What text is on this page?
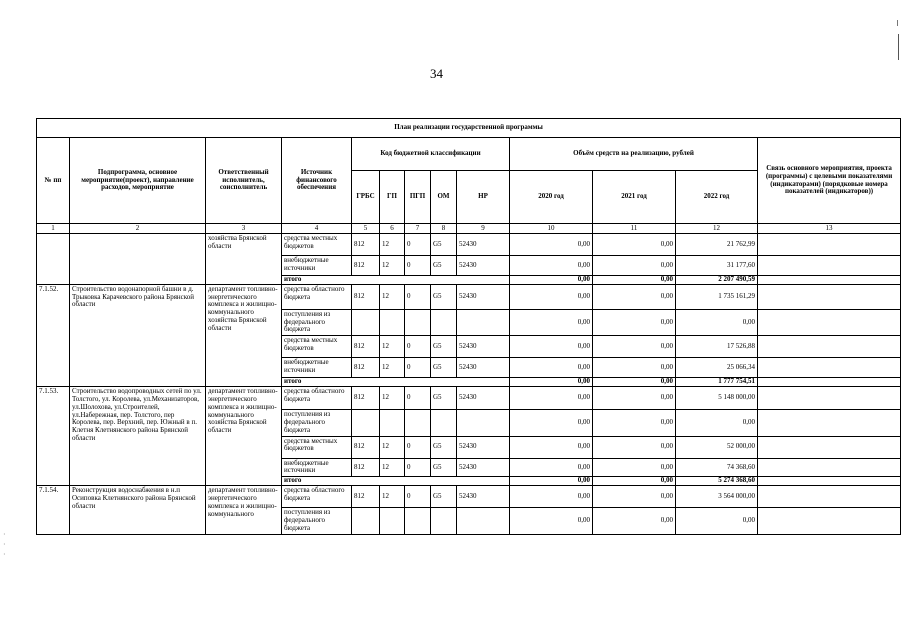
34
·
·
·
План реализации государственной программы												
№ пп	Подпрограмма, основное мероприятие(проект), направление расходов, мероприятие	Ответственный исполнитель, соисполнитель	Источник финансового обеспечения	Код бюджетной классификации					Объём средств на реализацию, рублей			Связь основного мероприятия, проекта (программы) с целевыми показателями (индикаторами) (порядковые номера показателей (индикаторов))
				ГРБС	ГП	ПГП	ОМ	НР	2020 год	2021 год	2022 год	
1	2	3	4	5	6	7	8	9	10	11	12	13
		хозяйства Брянской области	средства местных бюджетов	812	12	0	G5	52430	0,00	0,00	21 762,99	
			внебюджетные источники	812	12	0	G5	52430	0,00	0,00	31 177,60	
			итого						0,00	0,00	2 207 490,59	
7.1.52.	Строительство водонапорной башни в д. Трыковка Карачевского района Брянской области	департамент топливно-энергетического комплекса и жилищно-коммунального хозяйства Брянской области	средства областного бюджета	812	12	0	G5	52430	0,00	0,00	1 735 161,29	
			поступления из федерального бюджета						0,00	0,00	0,00	
			средства местных бюджетов	812	12	0	G5	52430	0,00	0,00	17 526,88	
			внебюджетные источники	812	12	0	G5	52430	0,00	0,00	25 066,34	
			итого						0,00	0,00	1 777 754,51	
7.1.53.	Строительство водопроводных сетей по ул. Толстого, ул. Королева, ул.Механизаторов, ул.Шолохова, ул.Строителей, ул.Набережная, пер. Толстого, пер Королева, пер. Верхний, пер. Южный в п. Клетня Клетнянского района Брянской области	департамент топливно-энергетического комплекса и жилищно-коммунального хозяйства Брянской области	средства областного бюджета	812	12	0	G5	52430	0,00	0,00	5 148 000,00	
			поступления из федерального бюджета						0,00	0,00	0,00	
			средства местных бюджетов	812	12	0	G5	52430	0,00	0,00	52 000,00	
			внебюджетные источники	812	12	0	G5	52430	0,00	0,00	74 368,60	
			итого						0,00	0,00	5 274 368,60	
7.1.54.	Реконструкция водоснабжения в н.п Осиповка Клетнянского района Брянской области	департамент топливно-энергетического комплекса и жилищно-коммунального	средства областного бюджета	812	12	0	G5	52430	0,00	0,00	3 564 000,00	
			поступления из федерального бюджета						0,00	0,00	0,00	
